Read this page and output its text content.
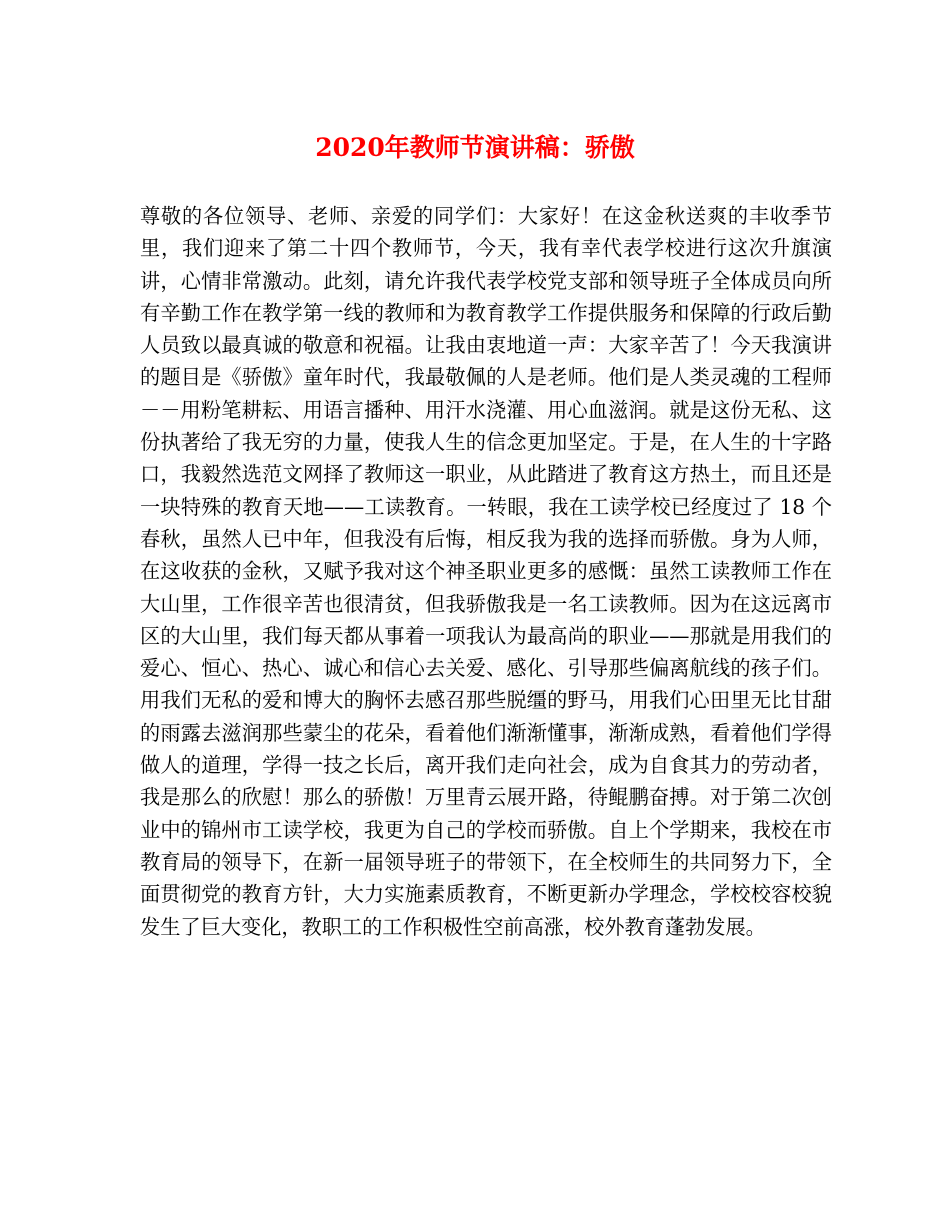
2020年教师节演讲稿：骄傲

尊敬的各位领导、老师、亲爱的同学们：大家好！在这金秋送爽的丰收季节里，我们迎来了第二十四个教师节，今天，我有幸代表学校进行这次升旗演讲，心情非常激动。此刻，请允许我代表学校党支部和领导班子全体成员向所有辛勤工作在教学第一线的教师和为教育教学工作提供服务和保障的行政后勤人员致以最真诚的敬意和祝福。让我由衷地道一声：大家辛苦了！今天我演讲的题目是《骄傲》童年时代，我最敬佩的人是老师。他们是人类灵魂的工程师－－用粉笔耕耘、用语言播种、用汗水浇灌、用心血滋润。就是这份无私、这份执著给了我无穷的力量，使我人生的信念更加坚定。于是，在人生的十字路口，我毅然选范文网择了教师这一职业，从此踏进了教育这方热土，而且还是一块特殊的教育天地——工读教育。一转眼，我在工读学校已经度过了 18 个春秋，虽然人已中年，但我没有后悔，相反我为我的选择而骄傲。身为人师，在这收获的金秋，又赋予我对这个神圣职业更多的感慨：虽然工读教师工作在大山里，工作很辛苦也很清贫，但我骄傲我是一名工读教师。因为在这远离市区的大山里，我们每天都从事着一项我认为最高尚的职业——那就是用我们的爱心、恒心、热心、诚心和信心去关爱、感化、引导那些偏离航线的孩子们。用我们无私的爱和博大的胸怀去感召那些脱缰的野马，用我们心田里无比甘甜的雨露去滋润那些蒙尘的花朵，看着他们渐渐懂事，渐渐成熟，看着他们学得做人的道理，学得一技之长后，离开我们走向社会，成为自食其力的劳动者，我是那么的欣慰！那么的骄傲！万里青云展开路，待鲲鹏奋搏。对于第二次创业中的锦州市工读学校，我更为自己的学校而骄傲。自上个学期来，我校在市教育局的领导下，在新一届领导班子的带领下，在全校师生的共同努力下，全面贯彻党的教育方针，大力实施素质教育，不断更新办学理念，学校校容校貌发生了巨大变化，教职工的工作积极性空前高涨，校外教育蓬勃发展。
